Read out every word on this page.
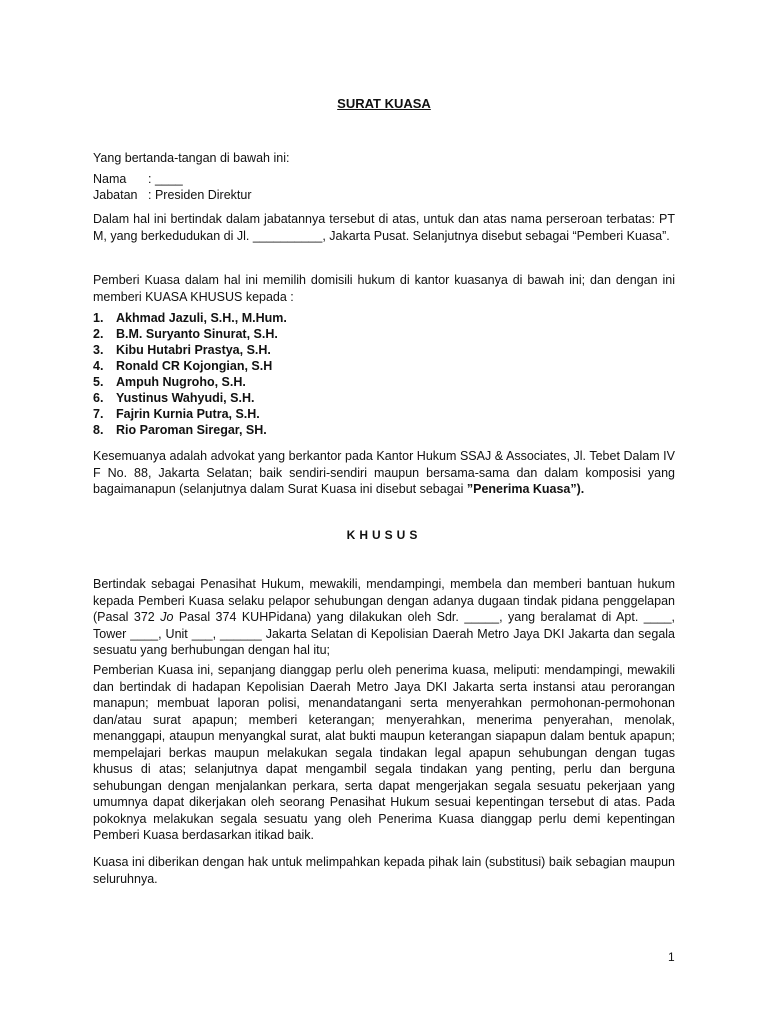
SURAT KUASA

Yang bertanda-tangan di bawah ini:

Nama : ____

Jabatan : Presiden Direktur

Dalam hal ini bertindak dalam jabatannya tersebut di atas, untuk dan atas nama perseroan terbatas: PT M, yang berkedudukan di Jl. __________, Jakarta Pusat. Selanjutnya disebut sebagai “Pemberi Kuasa”.

Pemberi Kuasa dalam hal ini memilih domisili hukum di kantor kuasanya di bawah ini; dan dengan ini memberi KUASA KHUSUS kepada :

1.	Akhmad Jazuli, S.H., M.Hum.
2.	B.M. Suryanto Sinurat, S.H.
3.	Kibu Hutabri Prastya, S.H.
4.	Ronald CR Kojongian, S.H
5.	Ampuh Nugroho, S.H.
6.	Yustinus Wahyudi, S.H.
7.	Fajrin Kurnia Putra, S.H.
8.	Rio Paroman Siregar, SH.

Kesemuanya adalah advokat yang berkantor pada Kantor Hukum SSAJ & Associates, Jl. Tebet Dalam IV F No. 88, Jakarta Selatan; baik sendiri-sendiri maupun bersama-sama dan dalam komposisi yang bagaimanapun (selanjutnya dalam Surat Kuasa ini disebut sebagai ”Penerima Kuasa”).

KHUSUS

Bertindak sebagai Penasihat Hukum, mewakili, mendampingi, membela dan memberi bantuan hukum kepada Pemberi Kuasa selaku pelapor sehubungan dengan adanya dugaan tindak pidana penggelapan (Pasal 372 Jo Pasal 374 KUHPidana) yang dilakukan oleh Sdr. _____, yang beralamat di Apt. ____, Tower ____, Unit ___, ______ Jakarta Selatan di Kepolisian Daerah Metro Jaya DKI Jakarta dan segala sesuatu yang berhubungan dengan hal itu;

Pemberian Kuasa ini, sepanjang dianggap perlu oleh penerima kuasa, meliputi: mendampingi, mewakili dan bertindak di hadapan Kepolisian Daerah Metro Jaya DKI Jakarta serta instansi atau perorangan manapun; membuat laporan polisi, menandatangani serta menyerahkan permohonan-permohonan dan/atau surat apapun; memberi keterangan; menyerahkan, menerima penyerahan, menolak, menanggapi, ataupun menyangkal surat, alat bukti maupun keterangan siapapun dalam bentuk apapun; mempelajari berkas maupun melakukan segala tindakan legal apapun sehubungan dengan tugas khusus di atas; selanjutnya dapat mengambil segala tindakan yang penting, perlu dan berguna sehubungan dengan menjalankan perkara, serta dapat mengerjakan segala sesuatu pekerjaan yang umumnya dapat dikerjakan oleh seorang Penasihat Hukum sesuai kepentingan tersebut di atas. Pada pokoknya melakukan segala sesuatu yang oleh Penerima Kuasa dianggap perlu demi kepentingan Pemberi Kuasa berdasarkan itikad baik.

Kuasa ini diberikan dengan hak untuk melimpahkan kepada pihak lain (substitusi) baik sebagian maupun seluruhnya.

1
